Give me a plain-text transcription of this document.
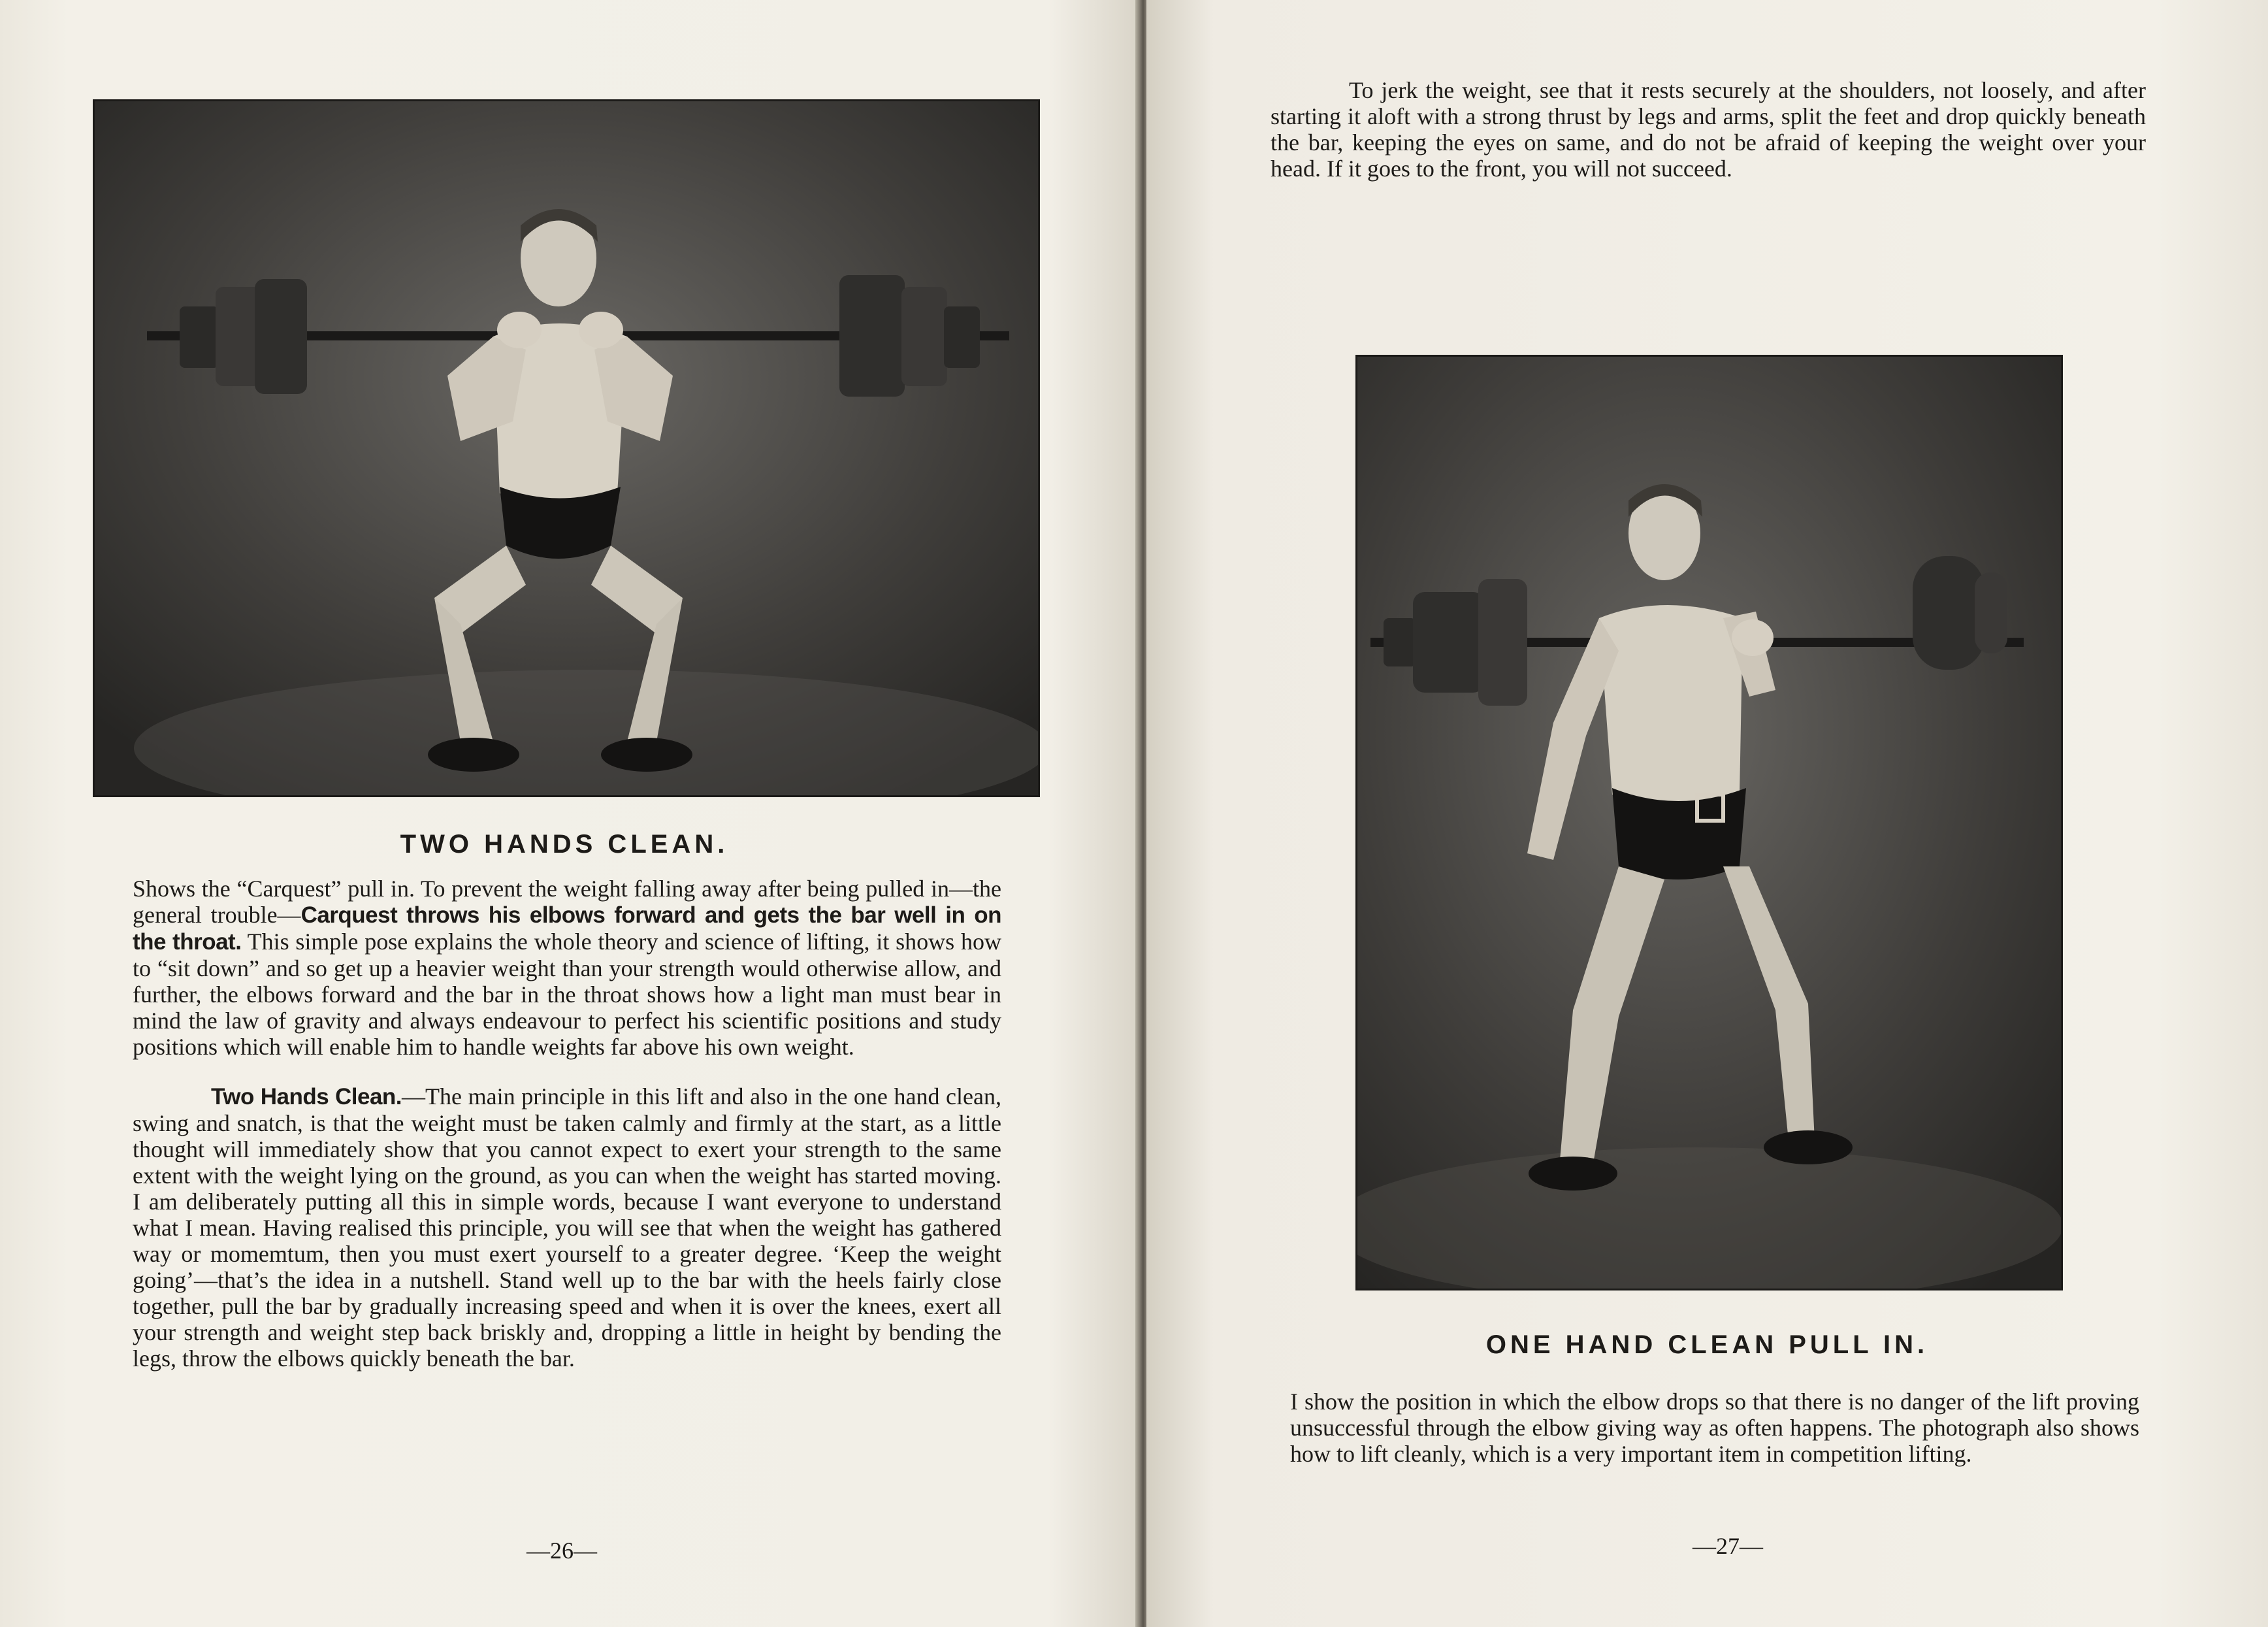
TWO HANDS CLEAN.

Shows the “Carquest” pull in. To prevent the weight falling away after being pulled in—the general trouble—Carquest throws his elbows forward and gets the bar well in on the throat. This simple pose explains the whole theory and science of lifting, it shows how to “sit down” and so get up a heavier weight than your strength would otherwise allow, and further, the elbows forward and the bar in the throat shows how a light man must bear in mind the law of gravity and always endeavour to perfect his scientific positions and study positions which will enable him to handle weights far above his own weight.

Two Hands Clean.—The main principle in this lift and also in the one hand clean, swing and snatch, is that the weight must be taken calmly and firmly at the start, as a little thought will immediately show that you cannot expect to exert your strength to the same extent with the weight lying on the ground, as you can when the weight has started moving. I am deliberately putting all this in simple words, because I want everyone to understand what I mean. Having realised this principle, you will see that when the weight has gathered way or momemtum, then you must exert yourself to a greater degree. ‘Keep the weight going’—that’s the idea in a nutshell. Stand well up to the bar with the heels fairly close together, pull the bar by gradually increasing speed and when it is over the knees, exert all your strength and weight step back briskly and, dropping a little in height by bending the legs, throw the elbows quickly beneath the bar.

—26—
To jerk the weight, see that it rests securely at the shoulders, not loosely, and after starting it aloft with a strong thrust by legs and arms, split the feet and drop quickly beneath the bar, keeping the eyes on same, and do not be afraid of keeping the weight over your head. If it goes to the front, you will not succeed.
ONE HAND CLEAN PULL IN.
I show the position in which the elbow drops so that there is no danger of the lift proving unsuccessful through the elbow giving way as often happens. The photograph also shows how to lift cleanly, which is a very important item in competition lifting.
—27—
